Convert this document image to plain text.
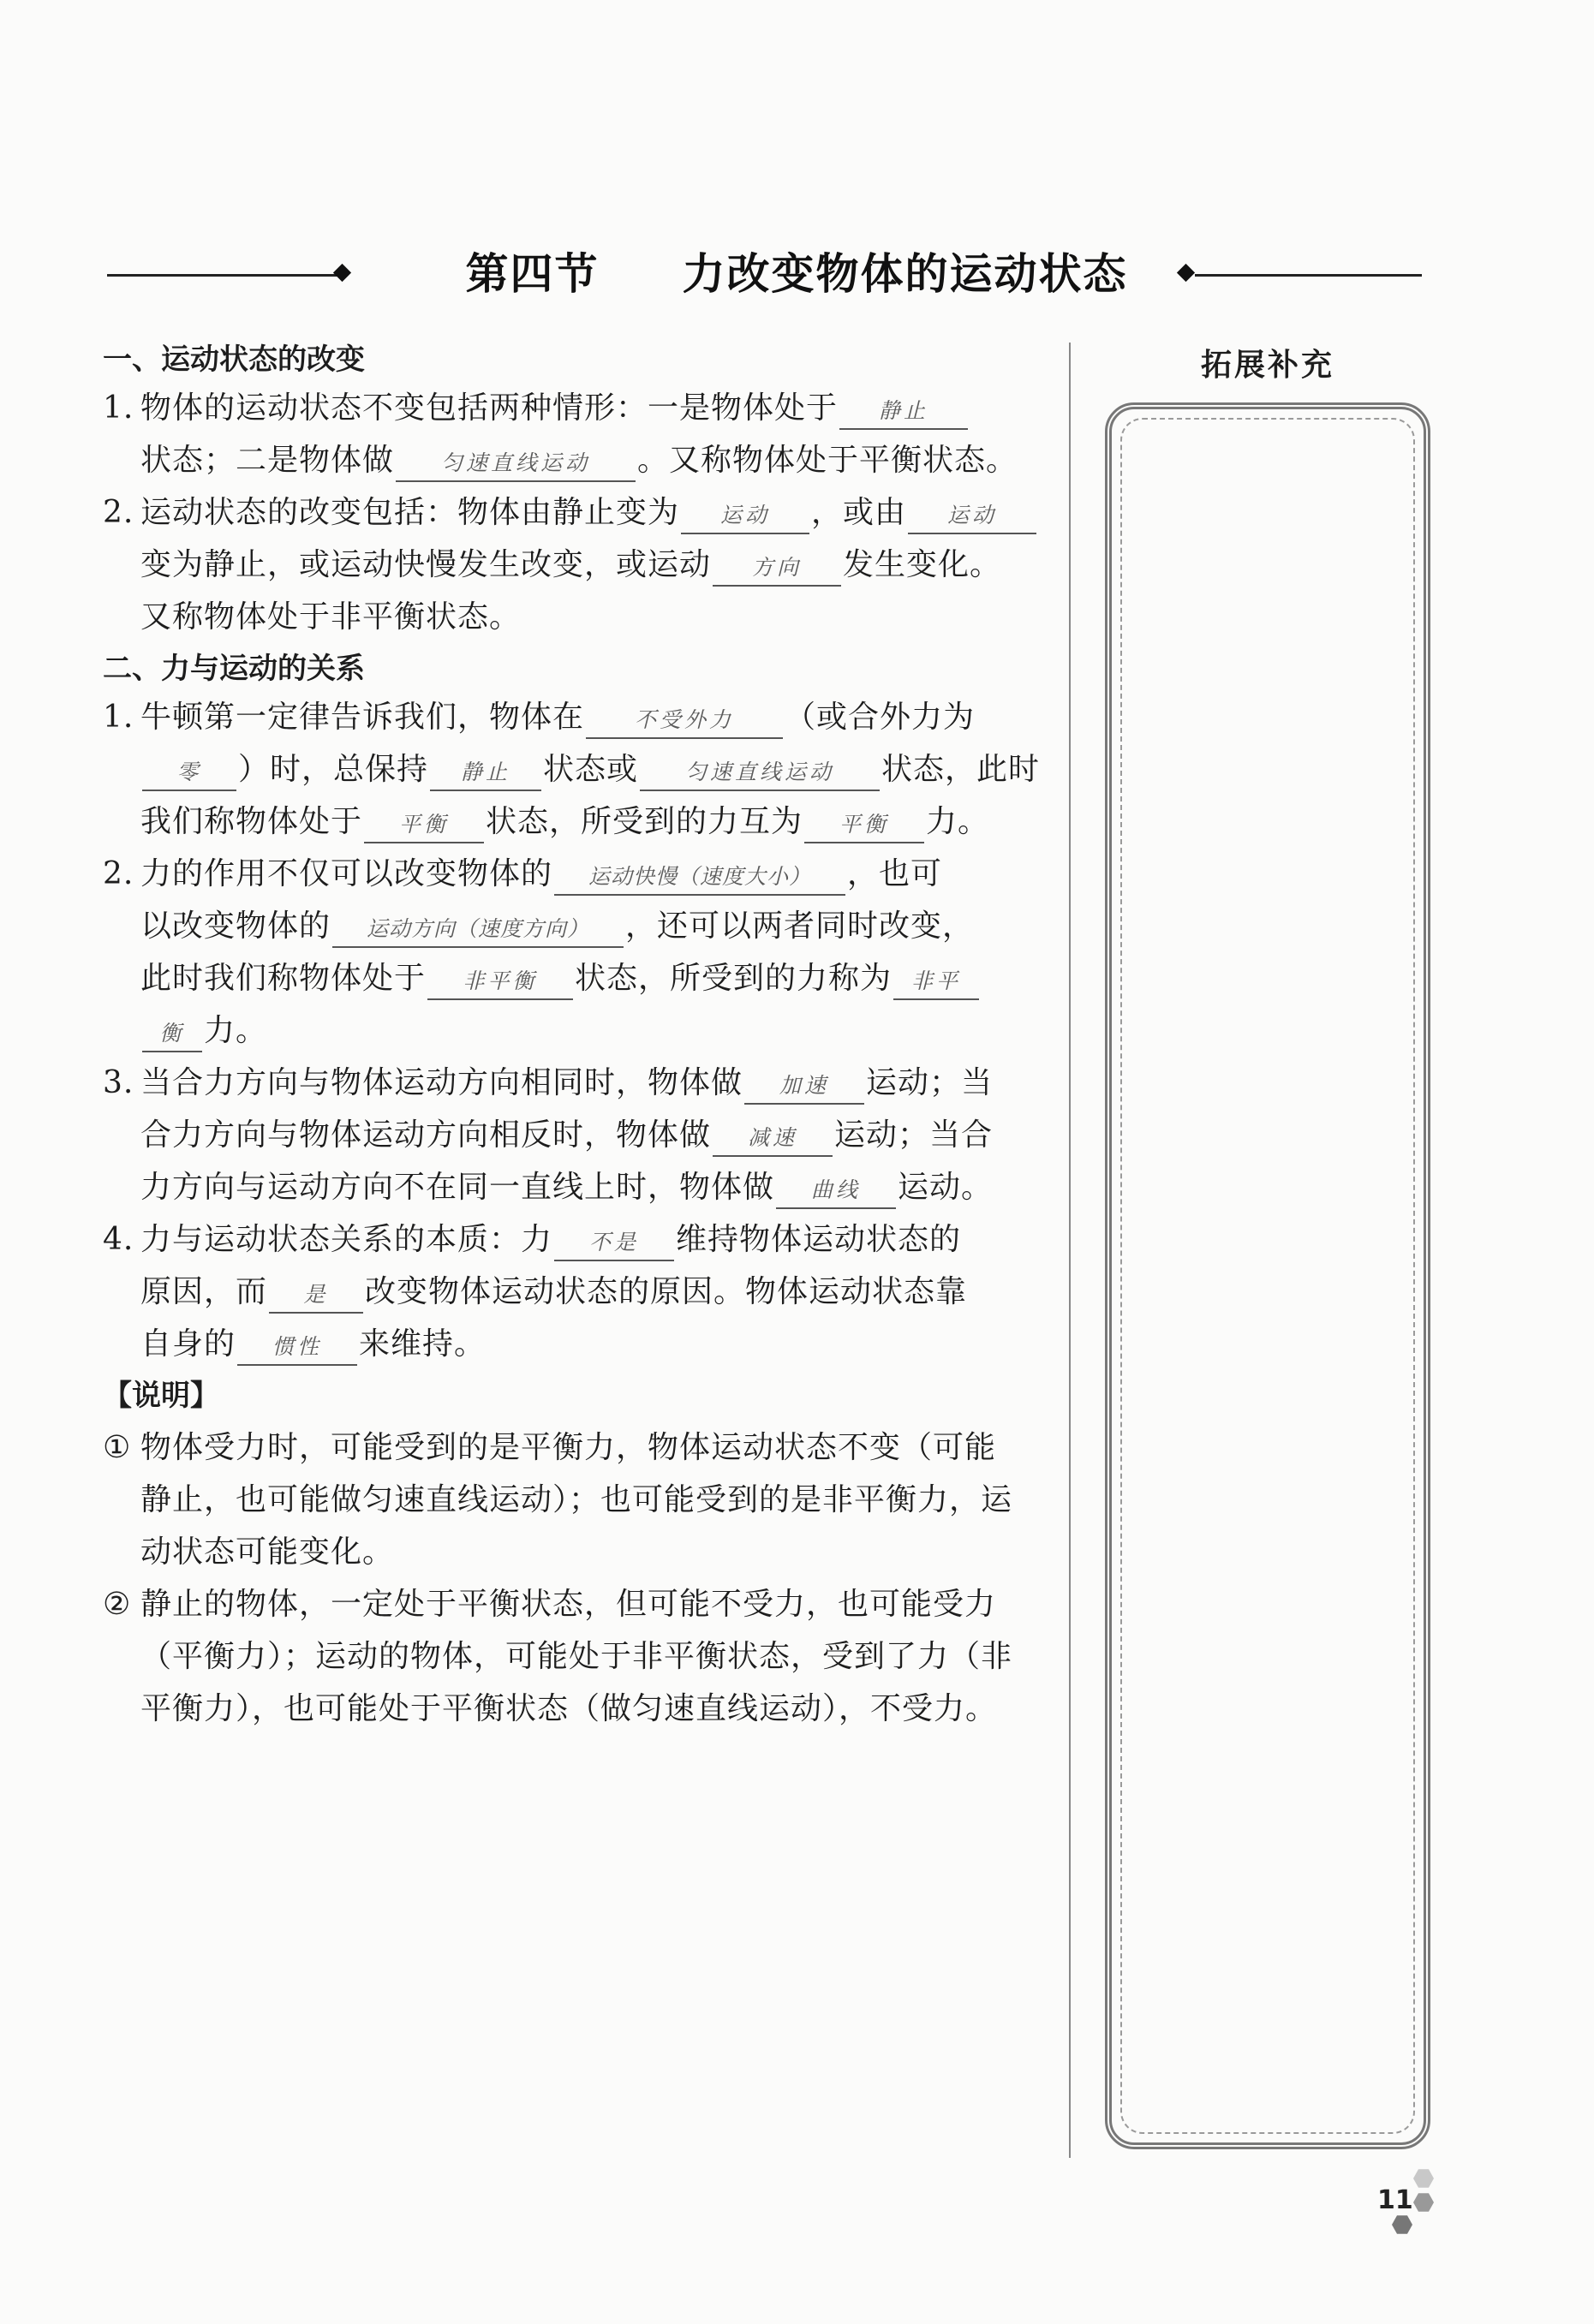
第四节 力改变物体的运动状态
一、运动状态的改变
1. 物体的运动状态不变包括两种情形：一是物体处于 静止
状态；二是物体做 匀速直线运动 。又称物体处于平衡状态。
2. 运动状态的改变包括：物体由静止变为 运动 ，或由 运动
变为静止，或运动快慢发生改变，或运动 方向 发生变化。
又称物体处于非平衡状态。
二、力与运动的关系
1. 牛顿第一定律告诉我们，物体在 不受外力 （或合外力为
零 ）时，总保持 静止 状态或 匀速直线运动 状态，此时
我们称物体处于 平衡 状态，所受到的力互为 平衡 力。
2. 力的作用不仅可以改变物体的 运动快慢（速度大小） ，也可
以改变物体的 运动方向（速度方向） ，还可以两者同时改变，
此时我们称物体处于 非平衡 状态，所受到的力称为 非平
衡 力。
3. 当合力方向与物体运动方向相同时，物体做 加速 运动；当
合力方向与物体运动方向相反时，物体做 减速 运动；当合
力方向与运动方向不在同一直线上时，物体做 曲线 运动。
4. 力与运动状态关系的本质：力 不是 维持物体运动状态的
原因，而 是 改变物体运动状态的原因。物体运动状态靠
自身的 惯性 来维持。
【说明】
① 物体受力时，可能受到的是平衡力，物体运动状态不变（可能
静止，也可能做匀速直线运动）；也可能受到的是非平衡力，运
动状态可能变化。
② 静止的物体，一定处于平衡状态，但可能不受力，也可能受力
（平衡力）；运动的物体，可能处于非平衡状态，受到了力（非
平衡力），也可能处于平衡状态（做匀速直线运动），不受力。
拓展补充
11
